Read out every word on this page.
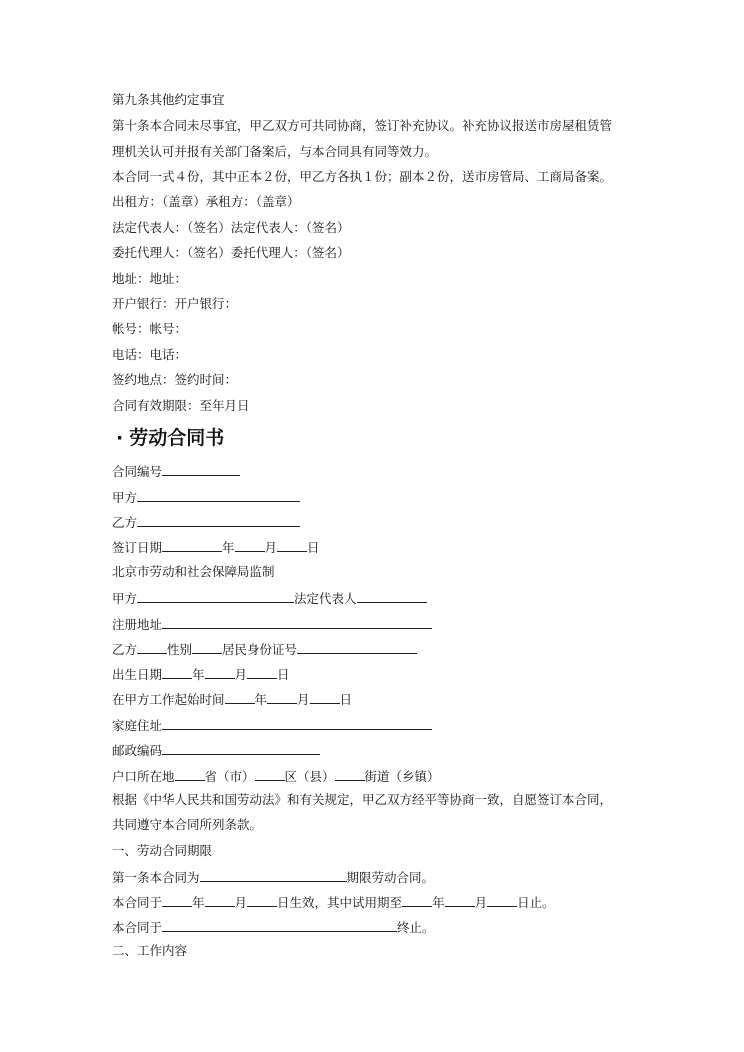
第九条其他约定事宜
第十条本合同未尽事宜，甲乙双方可共同协商，签订补充协议。补充协议报送市房屋租赁管
理机关认可并报有关部门备案后，与本合同具有同等效力。
本合同一式４份，其中正本２份，甲乙方各执１份；副本２份，送市房管局、工商局备案。
出租方：（盖章）承租方：（盖章）
法定代表人：（签名）法定代表人：（签名）
委托代理人：（签名）委托代理人：（签名）
地址：地址：
开户银行：开户银行：
帐号：帐号：
电话：电话：
签约地点：签约时间：
合同有效期限：至年月日
· 劳动合同书
合同编号
甲方
乙方
签订日期	年 月 日
北京市劳动和社会保障局监制
甲方	法定代表人
注册地址
乙方 性别 居民身份证号
出生日期 年 月 日
在甲方工作起始时间 年 月 日
家庭住址
邮政编码
户口所在地 省（市） 区（县） 街道（乡镇）
根据《中华人民共和国劳动法》和有关规定，甲乙双方经平等协商一致，自愿签订本合同，
共同遵守本合同所列条款。
一、劳动合同期限
第一条本合同为	期限劳动合同。
本合同于 年 月 日生效，其中试用期至 年 月 日止。
本合同于	终止。
二、工作内容
